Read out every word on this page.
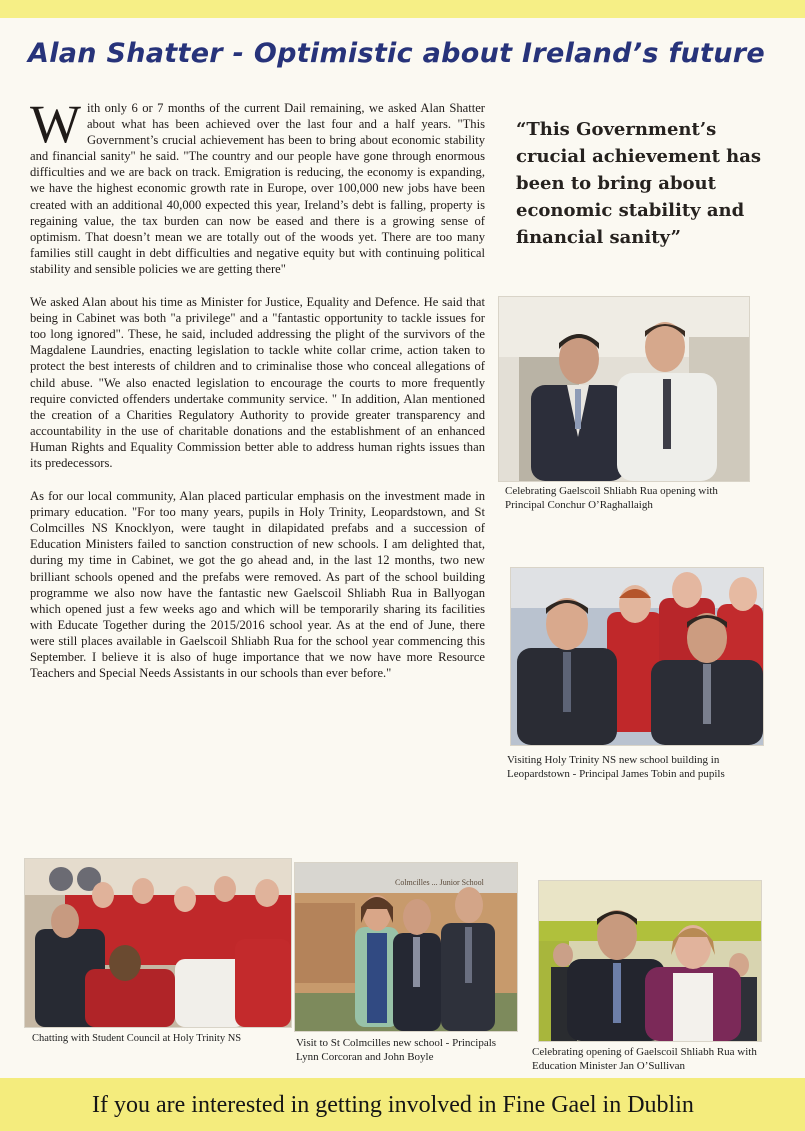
Alan Shatter - Optimistic about Ireland’s future

With only 6 or 7 months of the current Dail remaining, we asked Alan Shatter about what has been achieved over the last four and a half years. "This Government’s crucial achievement has been to bring about economic stability and financial sanity" he said. "The country and our people have gone through enormous difficulties and we are back on track. Emigration is reducing, the economy is expanding, we have the highest economic growth rate in Europe, over 100,000 new jobs have been created with an additional 40,000 expected this year, Ireland’s debt is falling, property is regaining value, the tax burden can now be eased and there is a growing sense of optimism. That doesn’t mean we are totally out of the woods yet. There are too many families still caught in debt difficulties and negative equity but with continuing political stability and sensible policies we are getting there"

We asked Alan about his time as Minister for Justice, Equality and Defence. He said that being in Cabinet was both "a privilege" and a "fantastic opportunity to tackle issues for too long ignored". These, he said, included addressing the plight of the survivors of the Magdalene Laundries, enacting legislation to tackle white collar crime, action taken to protect the best interests of children and to criminalise those who conceal allegations of child abuse. "We also enacted legislation to encourage the courts to more frequently require convicted offenders undertake community service. " In addition, Alan mentioned the creation of a Charities Regulatory Authority to provide greater transparency and accountability in the use of charitable donations and the establishment of an enhanced Human Rights and Equality Commission better able to address human rights issues than its predecessors.

As for our local community, Alan placed particular emphasis on the investment made in primary education. "For too many years, pupils in Holy Trinity, Leopardstown, and St Colmcilles NS Knocklyon, were taught in dilapidated prefabs and a succession of Education Ministers failed to sanction construction of new schools. I am delighted that, during my time in Cabinet, we got the go ahead and, in the last 12 months, two new brilliant schools opened and the prefabs were removed. As part of the school building programme we also now have the fantastic new Gaelscoil Shliabh Rua in Ballyogan which opened just a few weeks ago and which will be temporarily sharing its facilities with Educate Together during the 2015/2016 school year. As at the end of June, there were still places available in Gaelscoil Shliabh Rua for the school year commencing this September. I believe it is also of huge importance that we now have more Resource Teachers and Special Needs Assistants in our schools than ever before."

“This Government’s crucial achievement has been to bring about economic stability and financial sanity”
Celebrating Gaelscoil Shliabh Rua opening with Principal Conchur O’Raghallaigh
Visiting Holy Trinity NS new school building in Leopardstown - Principal James Tobin and pupils
Chatting with Student Council at Holy Trinity NS
Colmcilles ... Junior School
Visit to St Colmcilles new school - Principals Lynn Corcoran and John Boyle	Celebrating opening of Gaelscoil Shliabh Rua with Education Minister Jan O’Sullivan
If you are interested in getting involved in Fine Gael in Dublin
